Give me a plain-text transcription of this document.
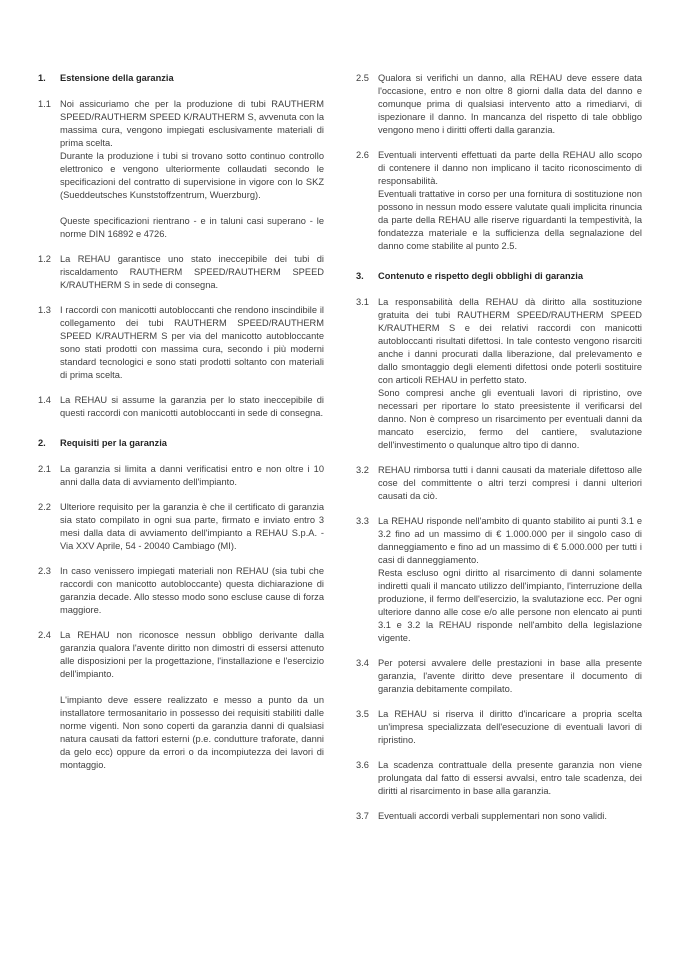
1.	Estensione della garanzia
1.1 Noi assicuriamo che per la produzione di tubi RAUTHERM SPEED/RAUTHERM SPEED K/RAUTHERM S, avvenuta con la massima cura, vengono impiegati esclusivamente materiali di prima scelta.

Durante la produzione i tubi si trovano sotto continuo controllo elettronico e vengono ulteriormente collaudati secondo le specificazioni del contratto di supervisione in vigore con lo SKZ (Sueddeutsches Kunststoffzentrum, Wuerzburg).

Queste specificazioni rientrano - e in taluni casi superano - le norme DIN 16892 e 4726.

1.2 La REHAU garantisce uno stato ineccepibile dei tubi di riscaldamento RAUTHERM SPEED/RAUTHERM SPEED K/RAUTHERM S in sede di consegna.

1.3 I raccordi con manicotti autobloccanti che rendono inscindibile il collegamento dei tubi RAUTHERM SPEED/RAUTHERM SPEED K/RAUTHERM S per via del manicotto autobloccante sono stati prodotti con massima cura, secondo i più moderni standard tecnologici e sono stati prodotti soltanto con materiali di prima scelta.

1.4 La REHAU si assume la garanzia per lo stato ineccepibile di questi raccordi con manicotti autobloccanti in sede di consegna.

2.	Requisiti per la garanzia
2.1 La garanzia si limita a danni verificatisi entro e non oltre i 10 anni dalla data di avviamento dell'impianto.

2.2 Ulteriore requisito per la garanzia è che il certificato di garanzia sia stato compilato in ogni sua parte, firmato e inviato entro 3 mesi dalla data di avviamento dell'impianto a REHAU S.p.A. - Via XXV Aprile, 54 - 20040 Cambiago (MI).

2.3 In caso venissero impiegati materiali non REHAU (sia tubi che raccordi con manicotto autobloccante) questa dichiarazione di garanzia decade. Allo stesso modo sono escluse cause di forza maggiore.

2.4 La REHAU non riconosce nessun obbligo derivante dalla garanzia qualora l'avente diritto non dimostri di essersi attenuto alle disposizioni per la progettazione, l'installazione e l'esercizio dell'impianto.

L'impianto deve essere realizzato e messo a punto da un installatore termosanitario in possesso dei requisiti stabiliti dalle norme vigenti. Non sono coperti da garanzia danni di qualsiasi natura causati da fattori esterni (p.e. condutture traforate, danni da gelo ecc) oppure da errori o da incompiutezza dei lavori di montaggio.

2.5 Qualora si verifichi un danno, alla REHAU deve essere data l'occasione, entro e non oltre 8 giorni dalla data del danno e comunque prima di qualsiasi intervento atto a rimediarvi, di ispezionare il danno. In mancanza del rispetto di tale obbligo vengono meno i diritti offerti dalla garanzia.

2.6 Eventuali interventi effettuati da parte della REHAU allo scopo di contenere il danno non implicano il tacito riconoscimento di responsabilità.

Eventuali trattative in corso per una fornitura di sostituzione non possono in nessun modo essere valutate quali implicita rinuncia da parte della REHAU alle riserve riguardanti la tempestività, la fondatezza materiale e la sufficienza della segnalazione del danno come stabilite al punto 2.5.

3.	Contenuto e rispetto degli obblighi di garanzia
3.1 La responsabilità della REHAU dà diritto alla sostituzione gratuita dei tubi RAUTHERM SPEED/RAUTHERM SPEED K/RAUTHERM S e dei relativi raccordi con manicotti autobloccanti risultati difettosi. In tale contesto vengono risarciti anche i danni procurati dalla liberazione, dal prelevamento e dallo smontaggio degli elementi difettosi onde poterli sostituire con articoli REHAU in perfetto stato.

Sono compresi anche gli eventuali lavori di ripristino, ove necessari per riportare lo stato preesistente il verificarsi del danno. Non è compreso un risarcimento per eventuali danni da mancato esercizio, fermo del cantiere, svalutazione dell'investimento o qualunque altro tipo di danno.

3.2 REHAU rimborsa tutti i danni causati da materiale difettoso alle cose del committente o altri terzi compresi i danni ulteriori causati da ciò.

3.3 La REHAU risponde nell'ambito di quanto stabilito ai punti 3.1 e 3.2 fino ad un massimo di € 1.000.000 per il singolo caso di danneggiamento e fino ad un massimo di € 5.000.000 per tutti i casi di danneggiamento.

Resta escluso ogni diritto al risarcimento di danni solamente indiretti quali il mancato utilizzo dell'impianto, l'interruzione della produzione, il fermo dell'esercizio, la svalutazione ecc. Per ogni ulteriore danno alle cose e/o alle persone non elencato ai punti 3.1 e 3.2 la REHAU risponde nell'ambito della legislazione vigente.

3.4 Per potersi avvalere delle prestazioni in base alla presente garanzia, l'avente diritto deve presentare il documento di garanzia debitamente compilato.

3.5 La REHAU si riserva il diritto d'incaricare a propria scelta un'impresa specializzata dell'esecuzione di eventuali lavori di ripristino.

3.6 La scadenza contrattuale della presente garanzia non viene prolungata dal fatto di essersi avvalsi, entro tale scadenza, dei diritti al risarcimento in base alla garanzia.

3.7 Eventuali accordi verbali supplementari non sono validi.
